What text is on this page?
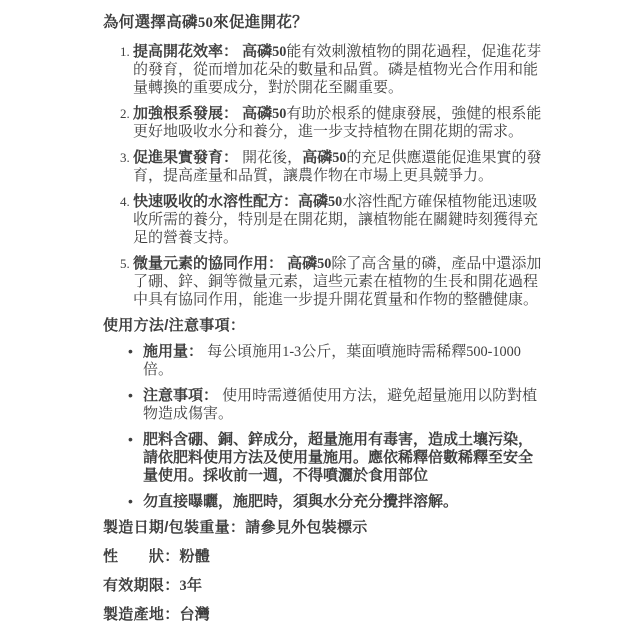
為何選擇高磷50來促進開花？
1. 提高開花效率： 高磷50能有效刺激植物的開花過程，促進花芽的發育，從而增加花朵的數量和品質。磷是植物光合作用和能量轉換的重要成分，對於開花至關重要。

2. 加強根系發展： 高磷50有助於根系的健康發展，強健的根系能更好地吸收水分和養分，進一步支持植物在開花期的需求。

3. 促進果實發育： 開花後，高磷50的充足供應還能促進果實的發育，提高產量和品質，讓農作物在市場上更具競爭力。

4. 快速吸收的水溶性配方：高磷50水溶性配方確保植物能迅速吸收所需的養分，特別是在開花期，讓植物能在關鍵時刻獲得充足的營養支持。

5. 微量元素的協同作用： 高磷50除了高含量的磷，產品中還添加了硼、鋅、銅等微量元素，這些元素在植物的生長和開花過程中具有協同作用，能進一步提升開花質量和作物的整體健康。

使用方法/注意事項：
• 施用量： 每公頃施用1-3公斤，葉面噴施時需稀釋500-1000倍。

• 注意事項： 使用時需遵循使用方法，避免超量施用以防對植物造成傷害。

• 肥料含硼、銅、鋅成分，超量施用有毒害，造成土壤污染，請依肥料使用方法及使用量施用。應依稀釋倍數稀釋至安全量使用。採收前一週，不得噴灑於食用部位

• 勿直接曝曬，施肥時，須與水分充分攪拌溶解。

製造日期/包裝重量：請參見外包裝標示

性　　狀：粉體

有效期限：3年

製造產地：台灣
